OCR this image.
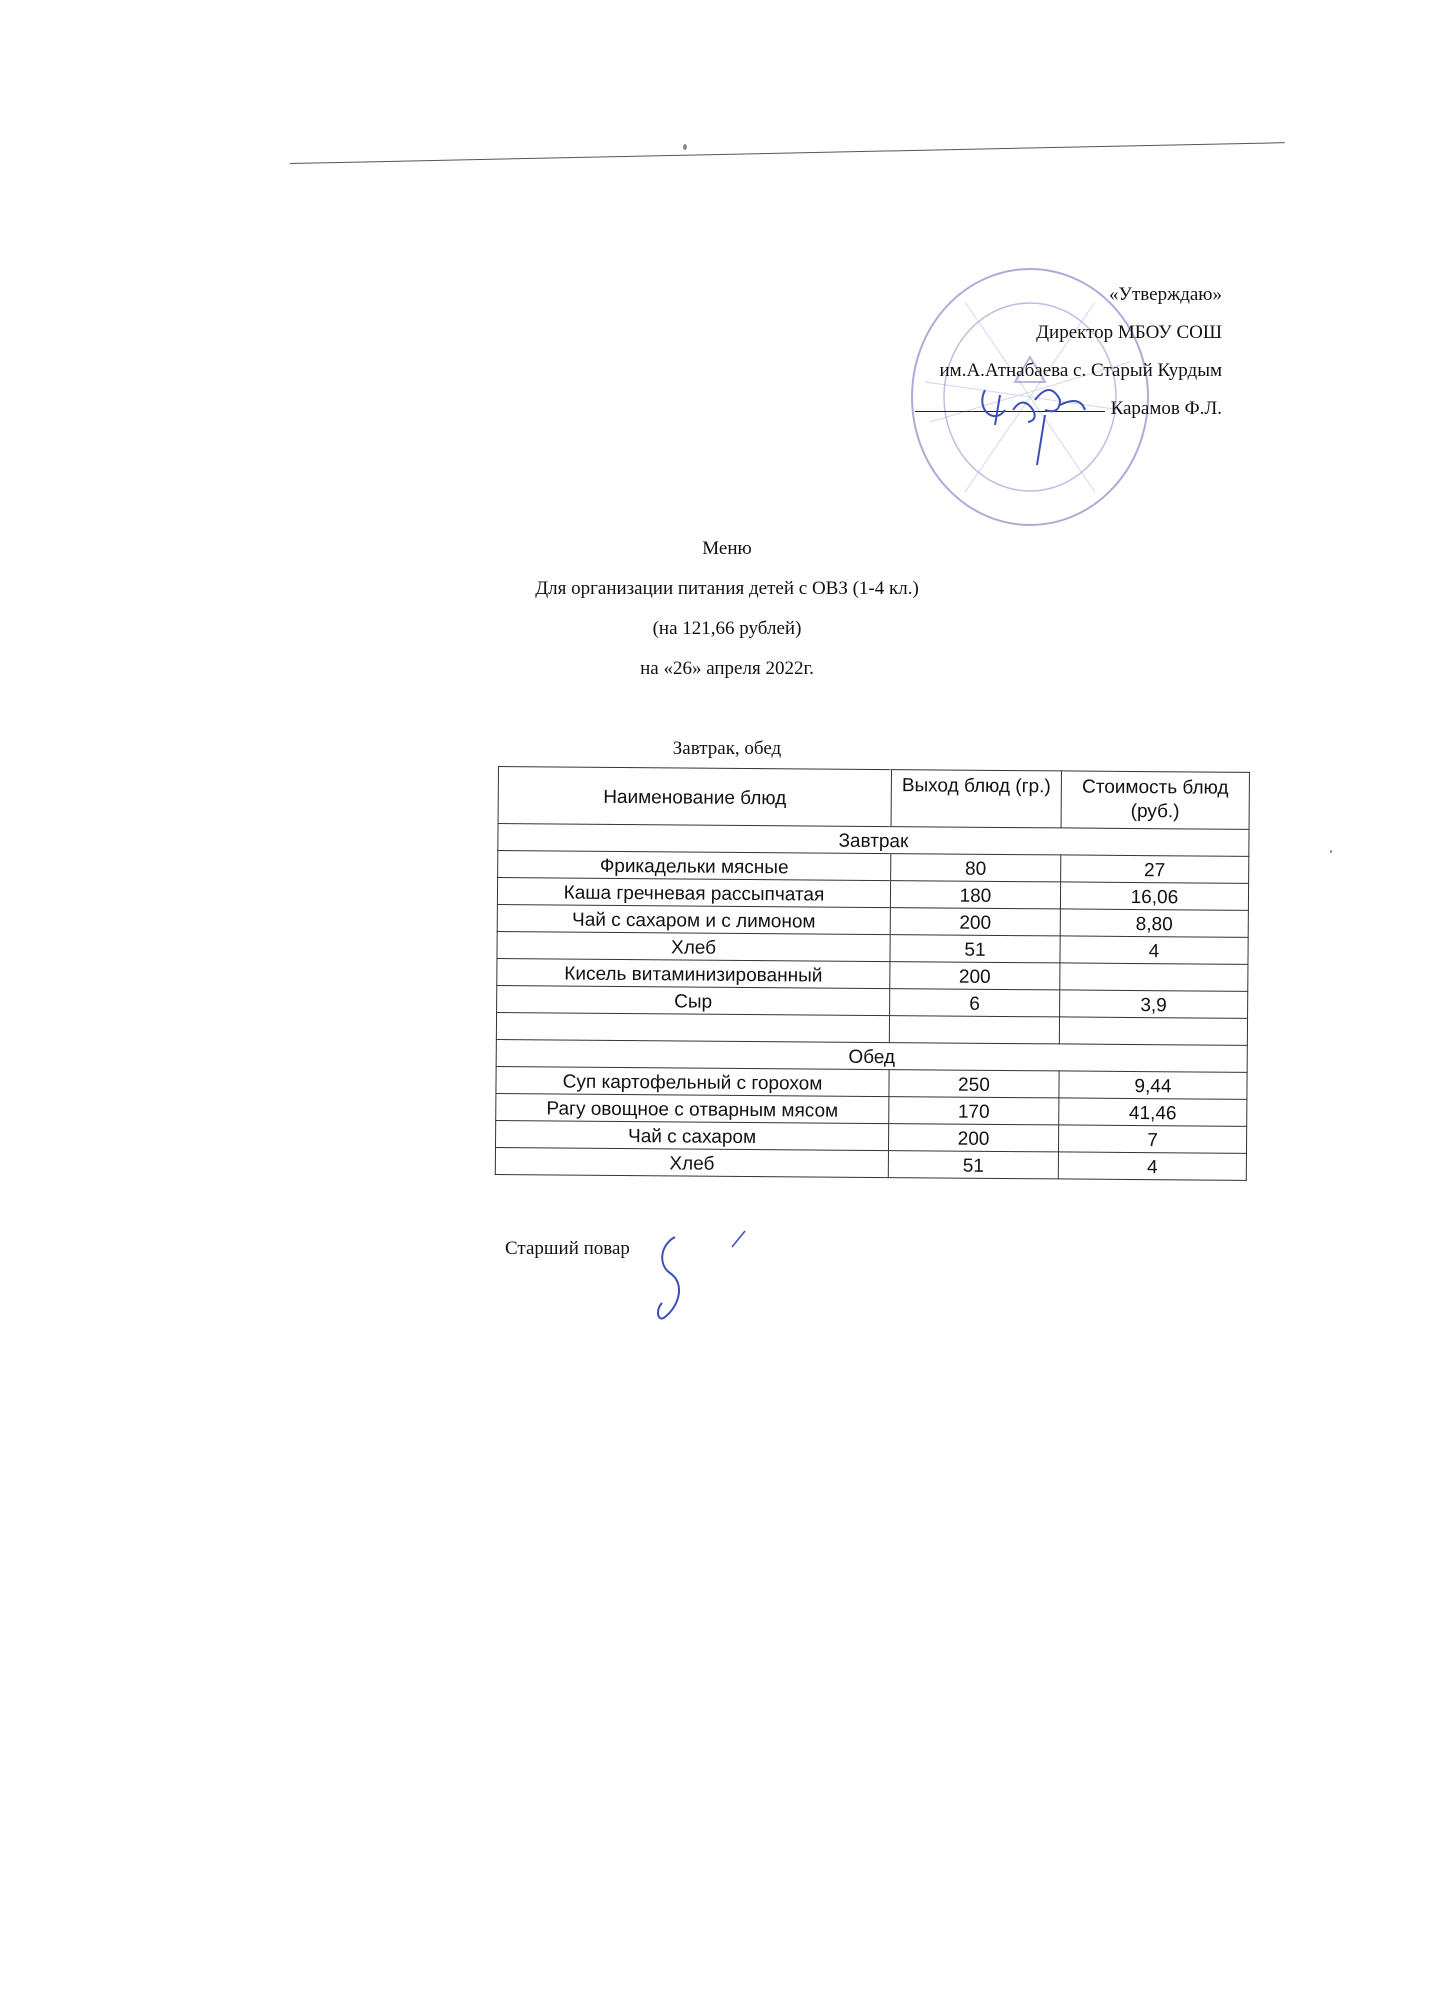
«Утверждаю»
Директор МБОУ СОШ
им.А.Атнабаева с. Старый Курдым
Карамов Ф.Л.
Меню
Для организации питания детей с ОВЗ (1-4 кл.)
(на 121,66 рублей)
на «26» апреля 2022г.
Завтрак, обед
Наименование блюд	Выход блюд (гр.)	Стоимость блюд (руб.)
Завтрак		
Фрикадельки мясные	80	27
Каша гречневая рассыпчатая	180	16,06
Чай с сахаром и с лимоном	200	8,80
Хлеб	51	4
Кисель витаминизированный	200	
Сыр	6	3,9

Обед		
Суп картофельный с горохом	250	9,44
Рагу овощное с отварным мясом	170	41,46
Чай с сахаром	200	7
Хлеб	51	4
Старший повар
